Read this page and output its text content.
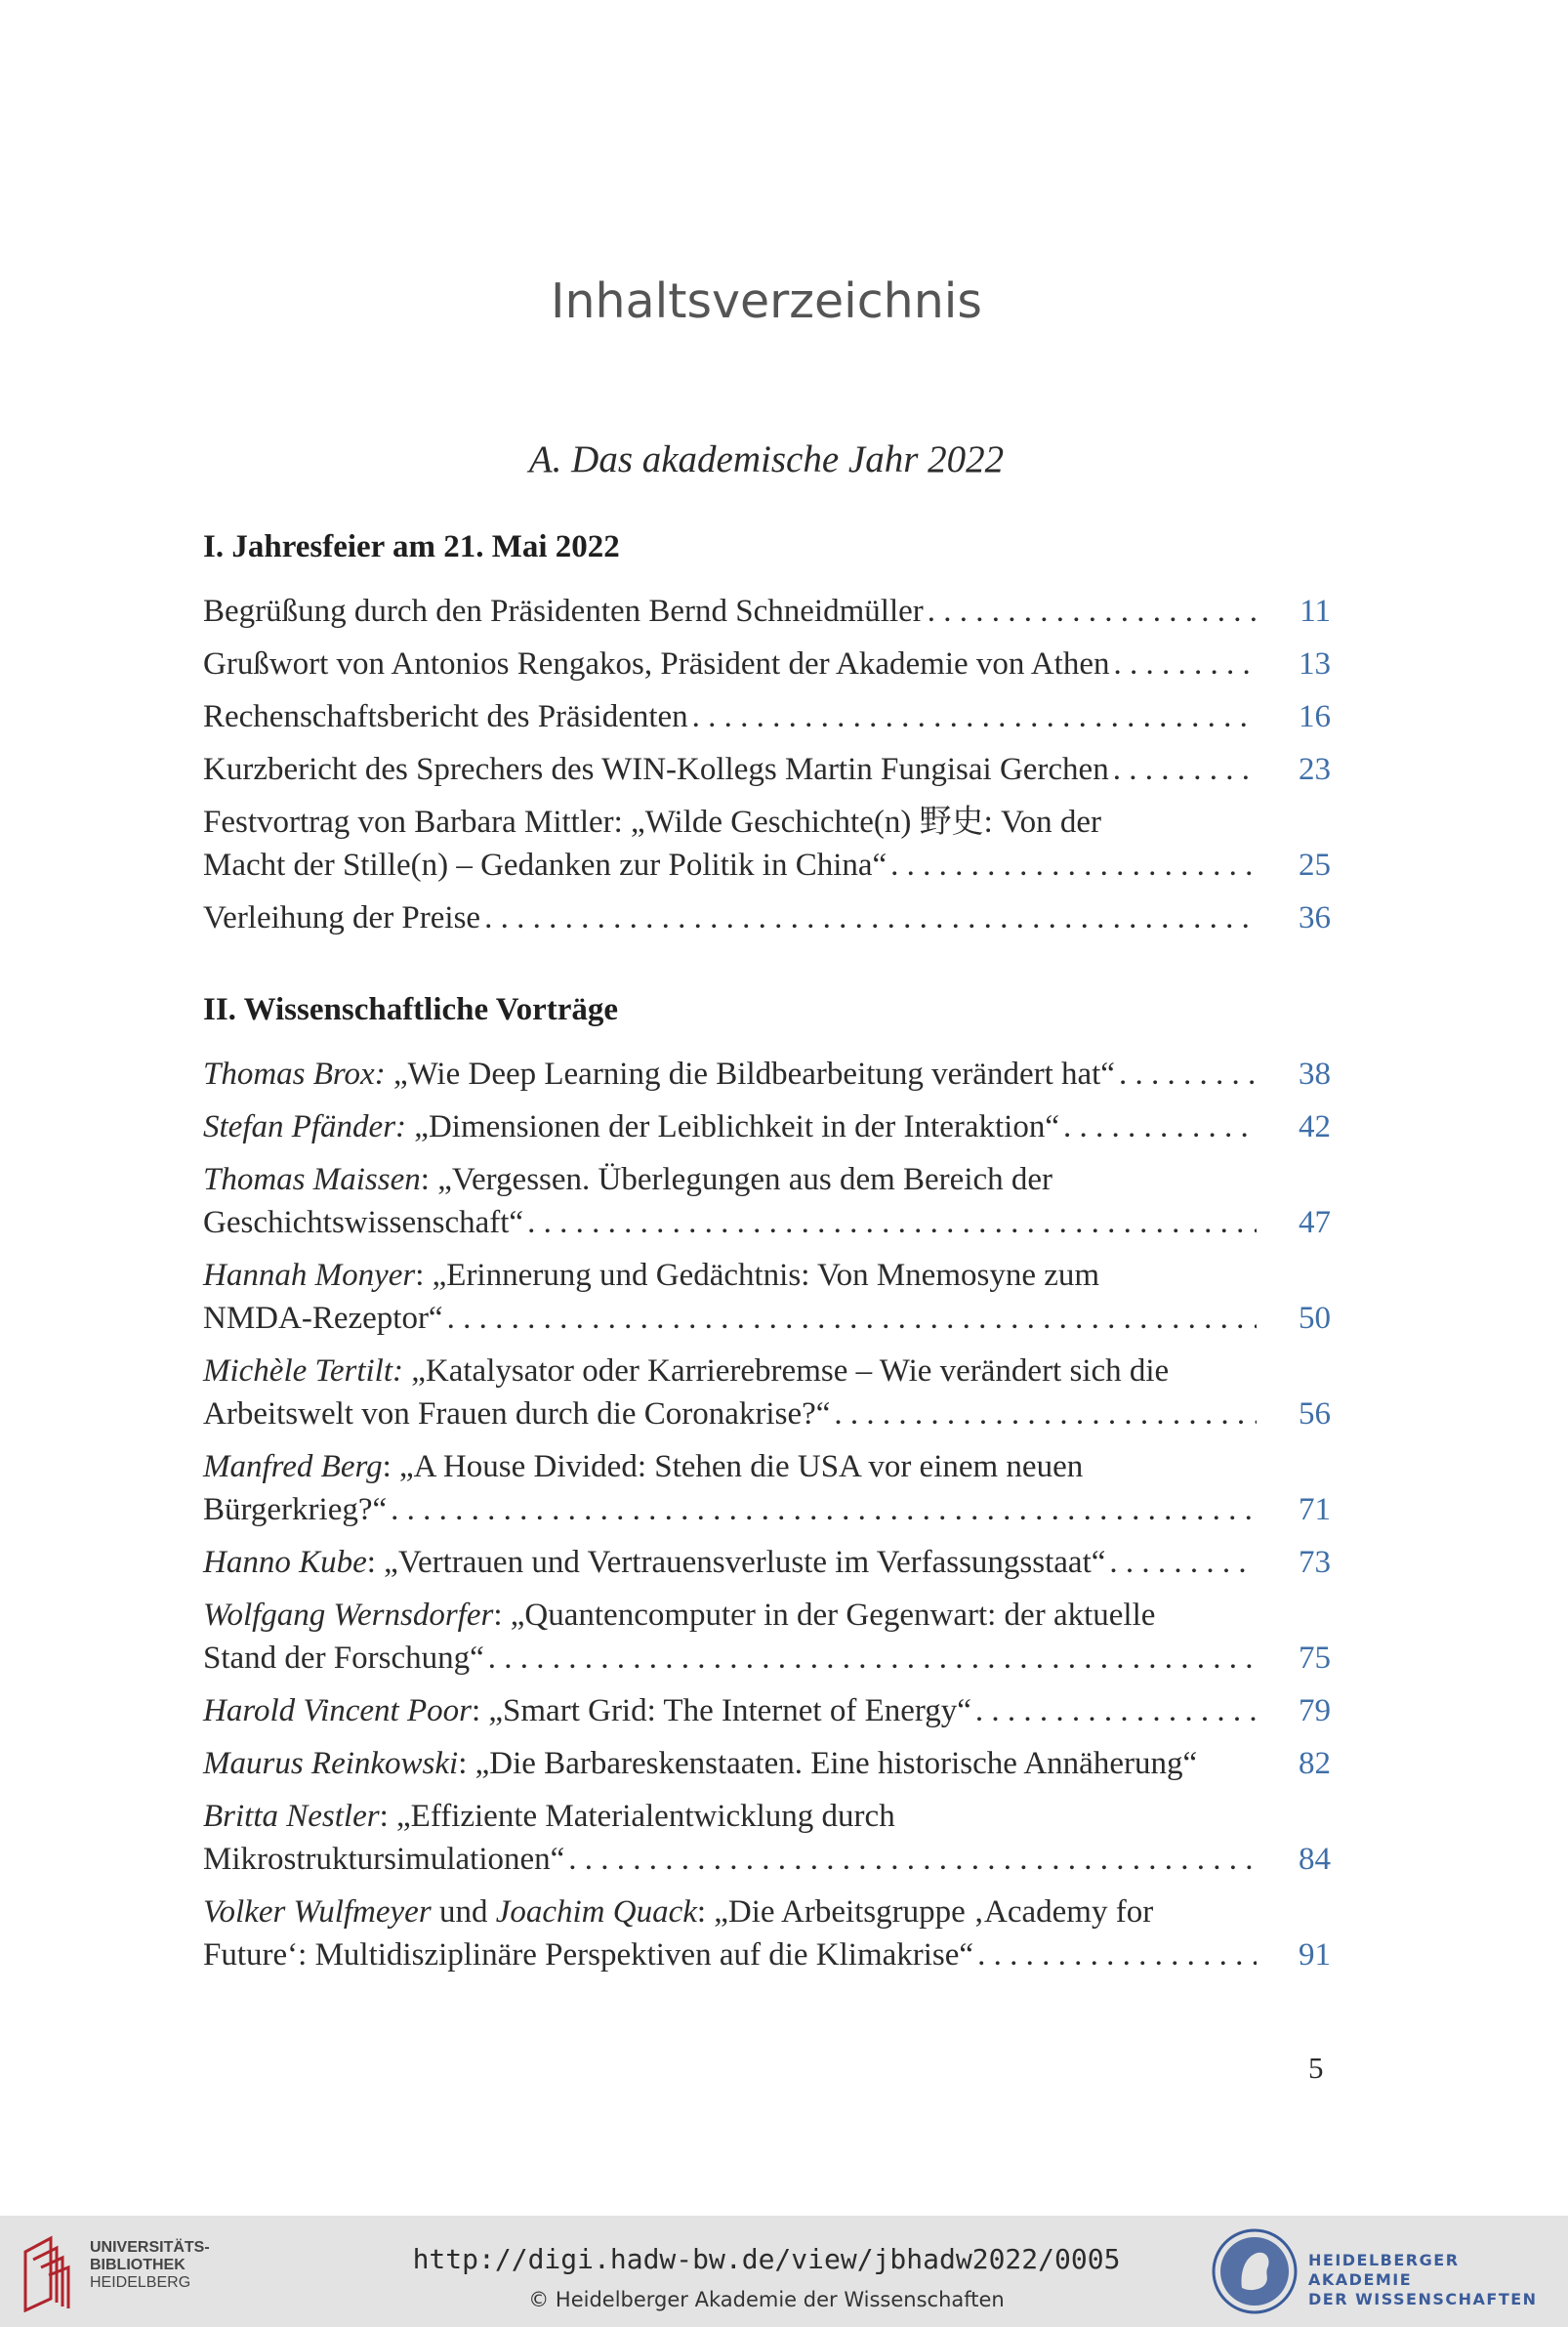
Inhaltsverzeichnis
A. Das akademische Jahr 2022
I. Jahresfeier am 21. Mai 2022
Begrüßung durch den Präsidenten Bernd Schneidmüller . . .	11
Grußwort von Antonios Rengakos, Präsident der Akademie von Athen . . .	13
Rechenschaftsbericht des Präsidenten . . .	16
Kurzbericht des Sprechers des WIN-Kollegs Martin Fungisai Gerchen . . .	23
Festvortrag von Barbara Mittler: „Wilde Geschichte(n) 野史: Von der
Macht der Stille(n) – Gedanken zur Politik in China“ . . .	25
Verleihung der Preise . . .	36
II. Wissenschaftliche Vorträge
Thomas Brox: „Wie Deep Learning die Bildbearbeitung verändert hat“ . . .	38
Stefan Pfänder: „Dimensionen der Leiblichkeit in der Interaktion“ . . .	42
Thomas Maissen: „Vergessen. Überlegungen aus dem Bereich der
Geschichtswissenschaft“ . . .	47
Hannah Monyer: „Erinnerung und Gedächtnis: Von Mnemosyne zum
NMDA-Rezeptor“ . . .	50
Michèle Tertilt: „Katalysator oder Karrierebremse – Wie verändert sich die
Arbeitswelt von Frauen durch die Coronakrise?“ . . .	56
Manfred Berg: „A House Divided: Stehen die USA vor einem neuen
Bürgerkrieg?“ . . .	71
Hanno Kube: „Vertrauen und Vertrauensverluste im Verfassungsstaat“ . . .	73
Wolfgang Wernsdorfer: „Quantencomputer in der Gegenwart: der aktuelle
Stand der Forschung“ . . .	75
Harold Vincent Poor: „Smart Grid: The Internet of Energy“ . . .	79
Maurus Reinkowski: „Die Barbareskenstaaten. Eine historische Annäherung“	82
Britta Nestler: „Effiziente Materialentwicklung durch
Mikrostruktursimulationen“ . . .	84
Volker Wulfmeyer und Joachim Quack: „Die Arbeitsgruppe ‚Academy for
Future‘: Multidisziplinäre Perspektiven auf die Klimakrise“ . . .	91
5
UNIVERSITÄTS-
BIBLIOTHEK
HEIDELBERG
http://digi.hadw-bw.de/view/jbhadw2022/0005
© Heidelberger Akademie der Wissenschaften
HEIDELBERGER AKADEMIE
DER WISSENSCHAFTEN
